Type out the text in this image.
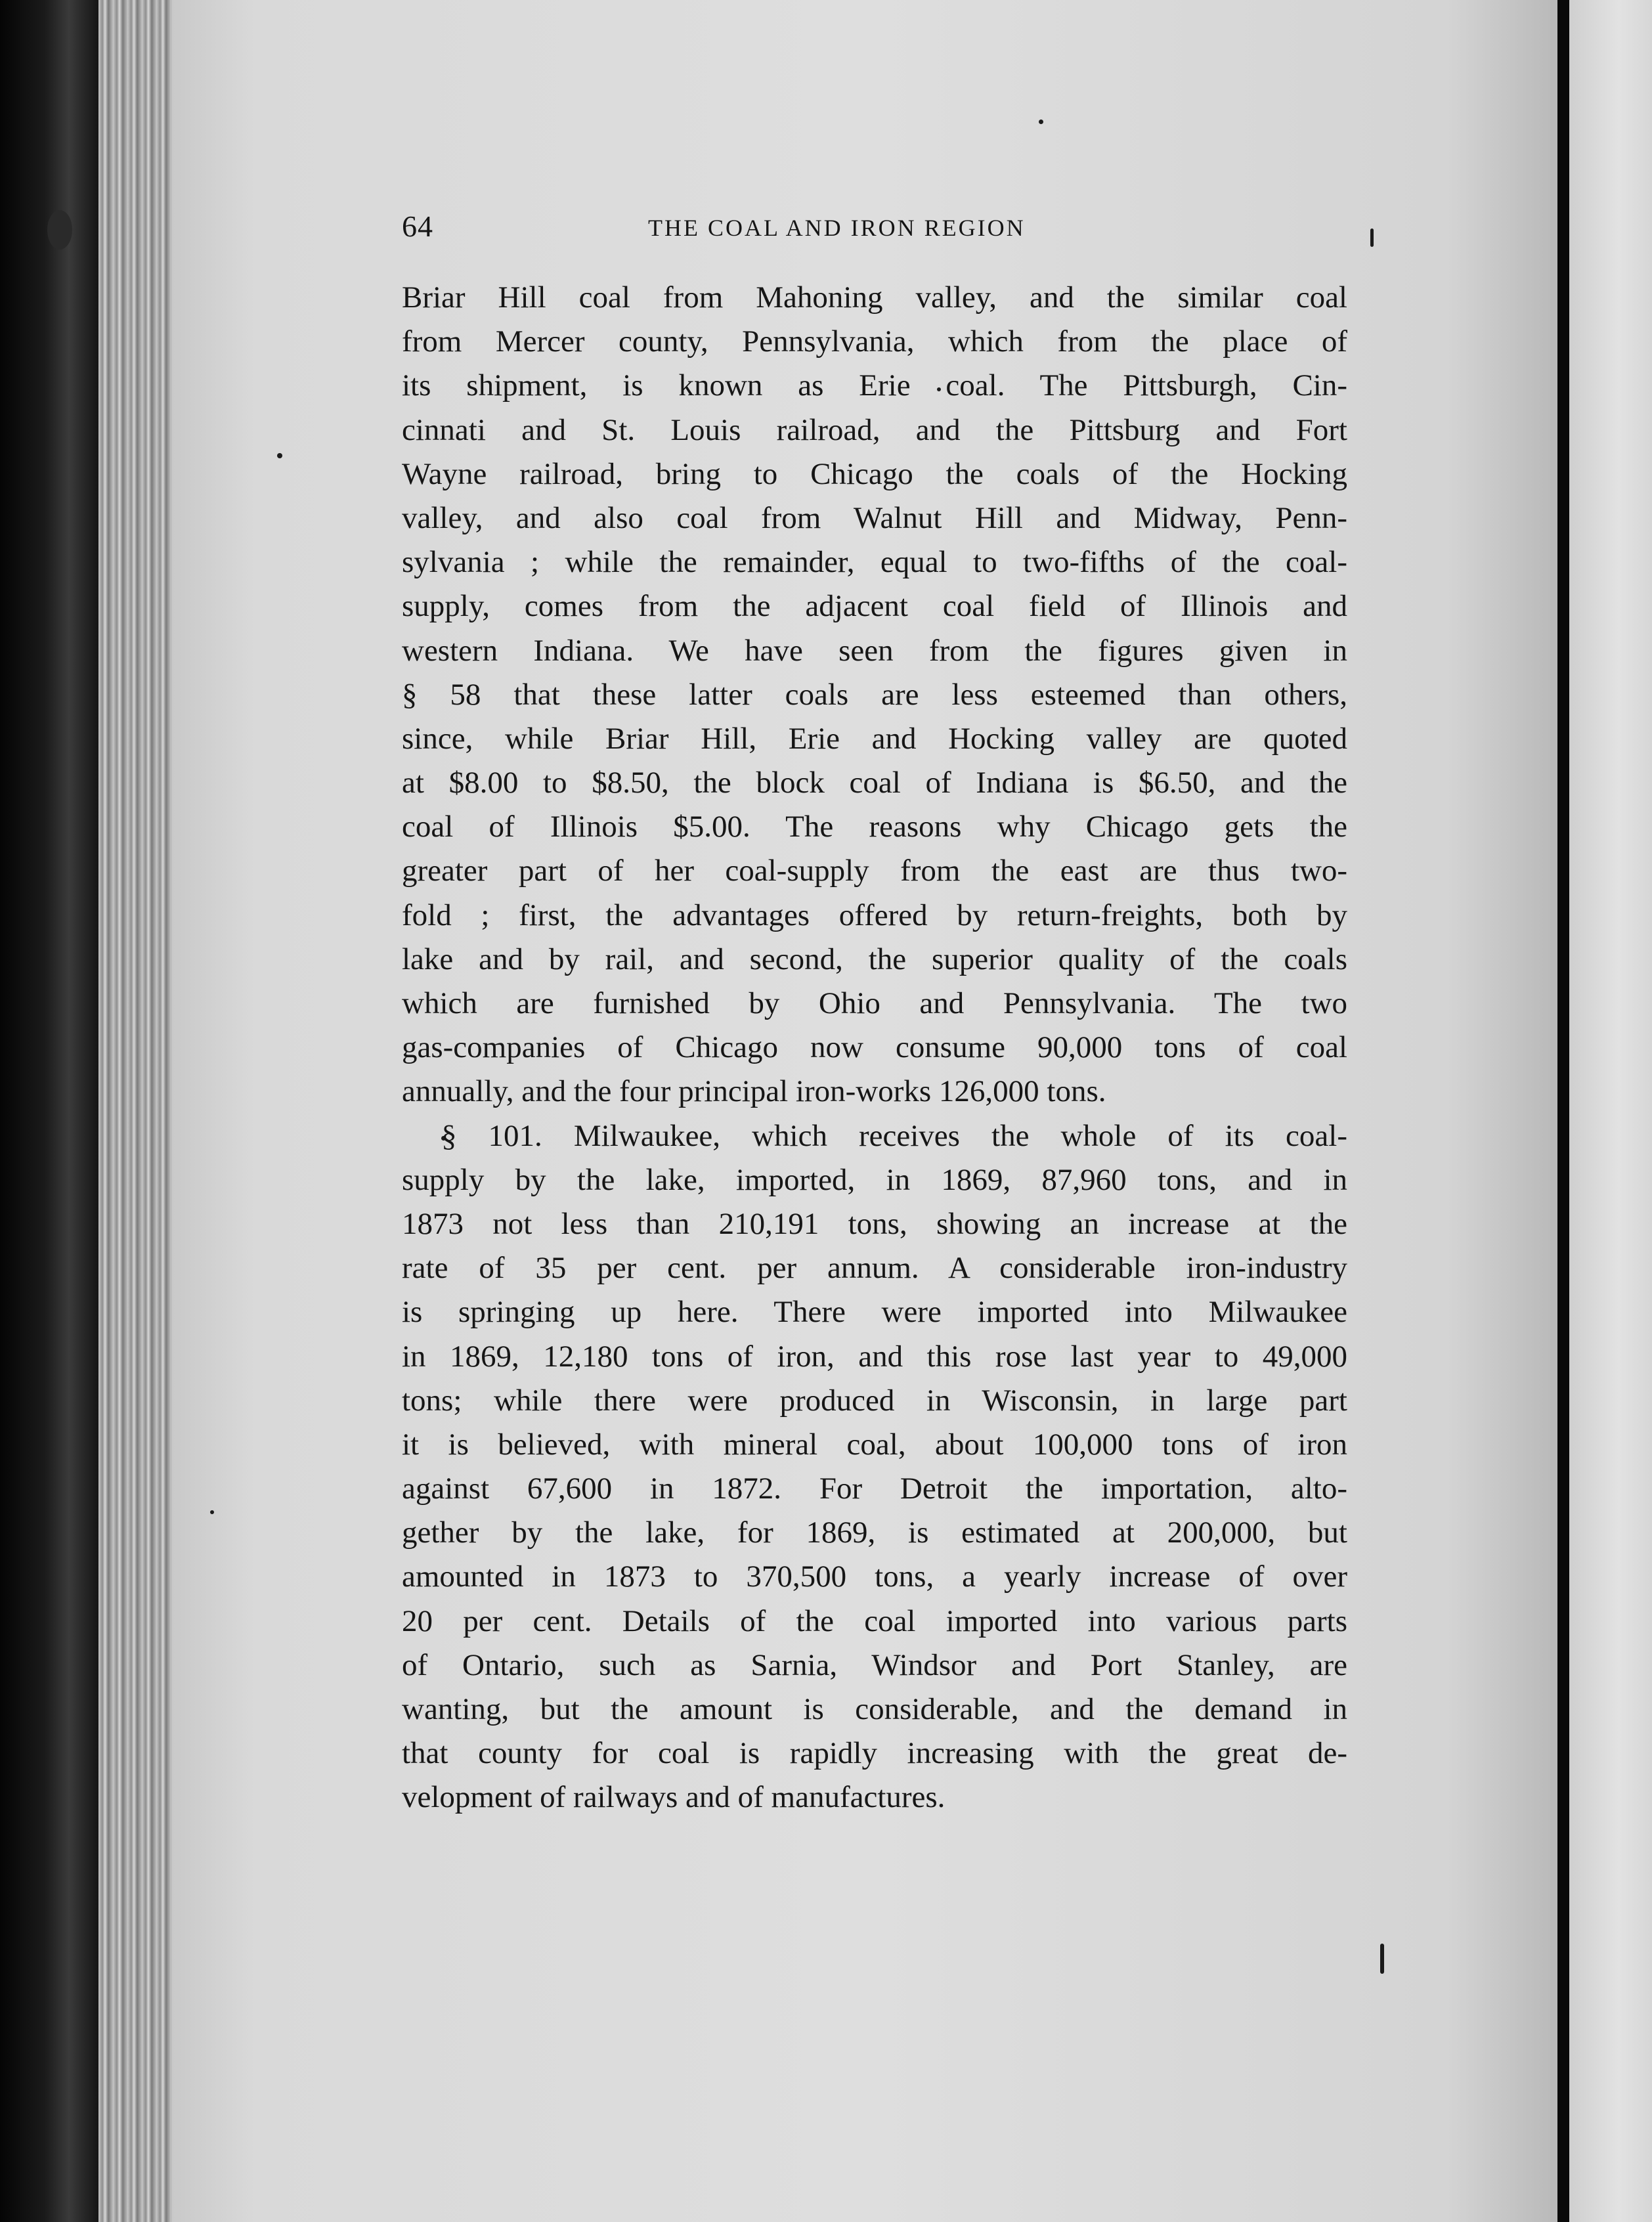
64	THE COAL AND IRON REGION
Briar Hill coal from Mahoning valley, and the similar coal
from Mercer county, Pennsylvania, which from the place of
its shipment, is known as Erie coal. The Pittsburgh, Cin-
cinnati and St. Louis railroad, and the Pittsburg and Fort
Wayne railroad, bring to Chicago the coals of the Hocking
valley, and also coal from Walnut Hill and Midway, Penn-
sylvania ; while the remainder, equal to two-fifths of the coal-
supply, comes from the adjacent coal field of Illinois and
western Indiana. We have seen from the figures given in
§ 58 that these latter coals are less esteemed than others,
since, while Briar Hill, Erie and Hocking valley are quoted
at $8.00 to $8.50, the block coal of Indiana is $6.50, and the
coal of Illinois $5.00. The reasons why Chicago gets the
greater part of her coal-supply from the east are thus two-
fold ; first, the advantages offered by return-freights, both by
lake and by rail, and second, the superior quality of the coals
which are furnished by Ohio and Pennsylvania. The two
gas-companies of Chicago now consume 90,000 tons of coal
annually, and the four principal iron-works 126,000 tons.
§ 101. Milwaukee, which receives the whole of its coal-
supply by the lake, imported, in 1869, 87,960 tons, and in
1873 not less than 210,191 tons, showing an increase at the
rate of 35 per cent. per annum. A considerable iron-industry
is springing up here. There were imported into Milwaukee
in 1869, 12,180 tons of iron, and this rose last year to 49,000
tons; while there were produced in Wisconsin, in large part
it is believed, with mineral coal, about 100,000 tons of iron
against 67,600 in 1872. For Detroit the importation, alto-
gether by the lake, for 1869, is estimated at 200,000, but
amounted in 1873 to 370,500 tons, a yearly increase of over
20 per cent. Details of the coal imported into various parts
of Ontario, such as Sarnia, Windsor and Port Stanley, are
wanting, but the amount is considerable, and the demand in
that county for coal is rapidly increasing with the great de-
velopment of railways and of manufactures.
